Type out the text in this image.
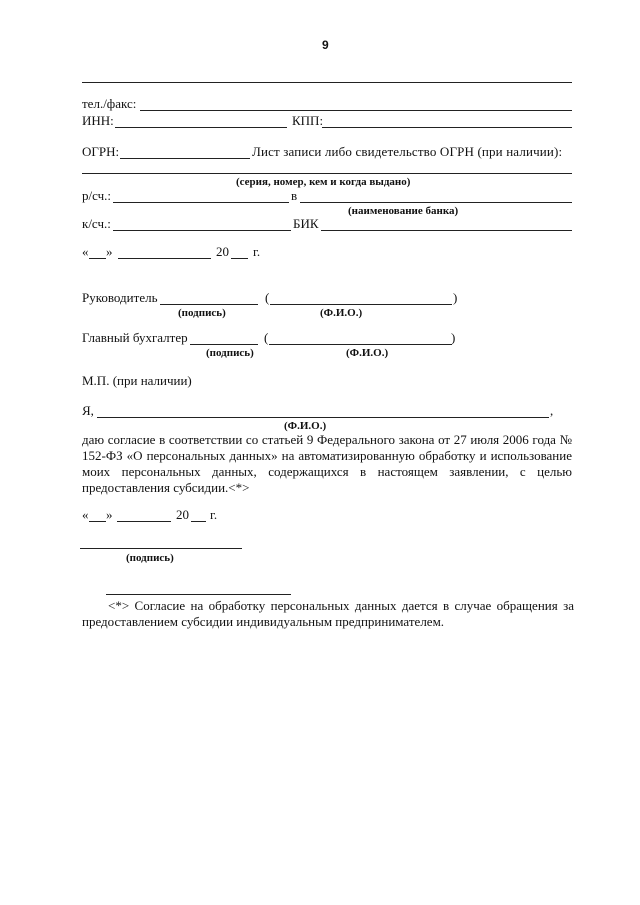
9
тел./факс:
ИНН:	КПП:
ОГРН:	Лист записи либо свидетельство ОГРН (при наличии):
(серия, номер, кем и когда выдано)
р/сч.:	в
(наименование банка)
к/сч.:	БИК
« »	20 г.
Руководитель	(	)
(подпись)	(Ф.И.О.)
Главный бухгалтер	(	)
(подпись)	(Ф.И.О.)
М.П. (при наличии)
Я,	,
(Ф.И.О.)
даю согласие в соответствии со статьей 9 Федерального закона от 27 июля 2006 года № 152-ФЗ «О персональных данных» на автоматизированную обработку и использование моих персональных данных, содержащихся в настоящем заявлении, с целью предоставления субсидии.<*>
« »	20 г.
(подпись)
<*> Согласие на обработку персональных данных дается в случае обращения за предоставлением субсидии индивидуальным предпринимателем.
